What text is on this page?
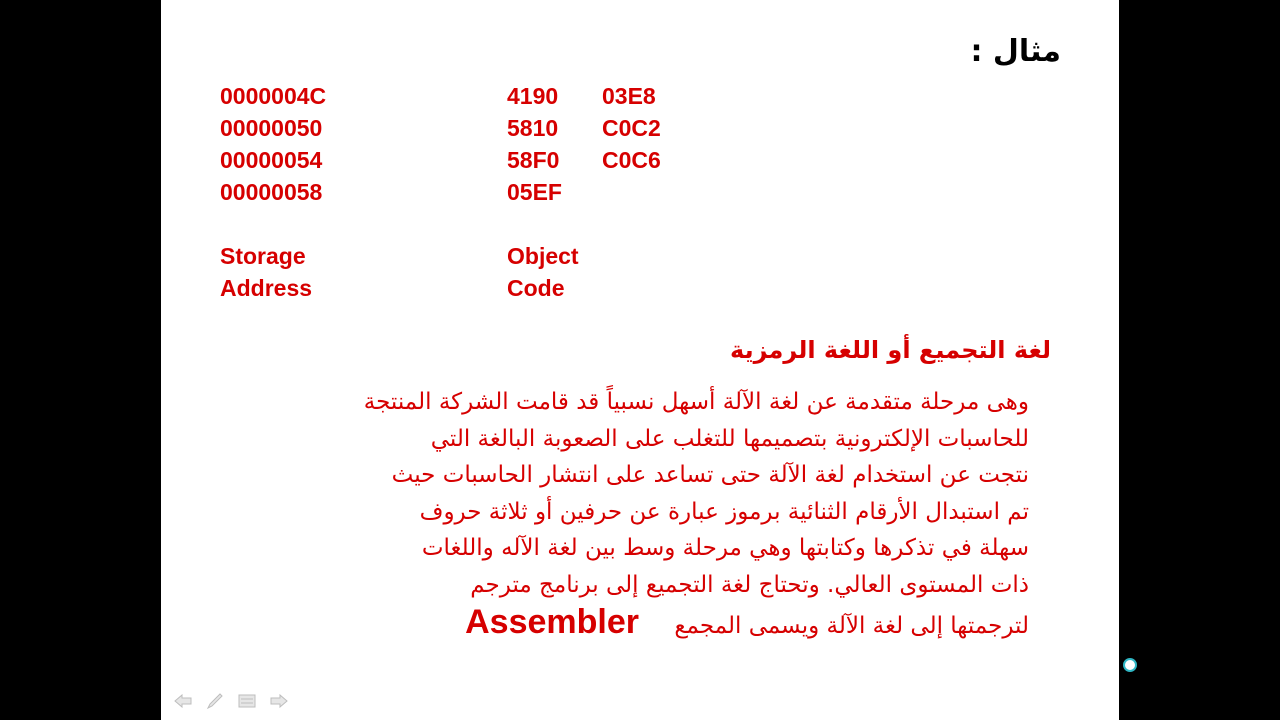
مثال :
0000004C
00000050
00000054
00000058
4190
5810
58F0
05EF
03E8
C0C2
C0C6
Storage
Address
Object
Code
لغة التجميع أو اللغة الرمزية
وهى مرحلة متقدمة عن لغة الآلة أسهل نسبياً قد قامت الشركة المنتجة
للحاسبات الإلكترونية بتصميمها للتغلب على الصعوبة البالغة التي
نتجت عن استخدام لغة الآلة حتى تساعد على انتشار الحاسبات حيث
تم استبدال الأرقام الثنائية برموز عبارة عن حرفين أو ثلاثة حروف
سهلة في تذكرها وكتابتها وهي مرحلة وسط بين لغة الآله واللغات
ذات المستوى العالي. وتحتاج لغة التجميع إلى برنامج مترجم
لترجمتها إلى لغة الآلة ويسمى المجمع Assembler
